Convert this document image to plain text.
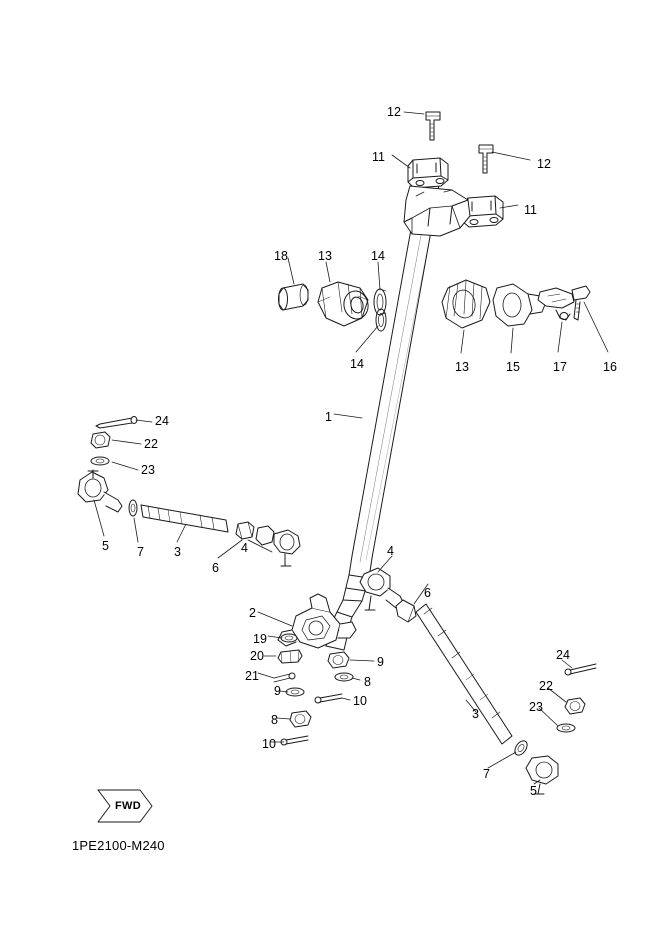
12
11	12
11
18 13	14
14	13	15	17	16
1
24
22
23
5 7 3
6
4	4
6
2
19
20
21
9
8
10
9
8
10
3
24
22
23
7
5
FWD
1PE2100-M240
